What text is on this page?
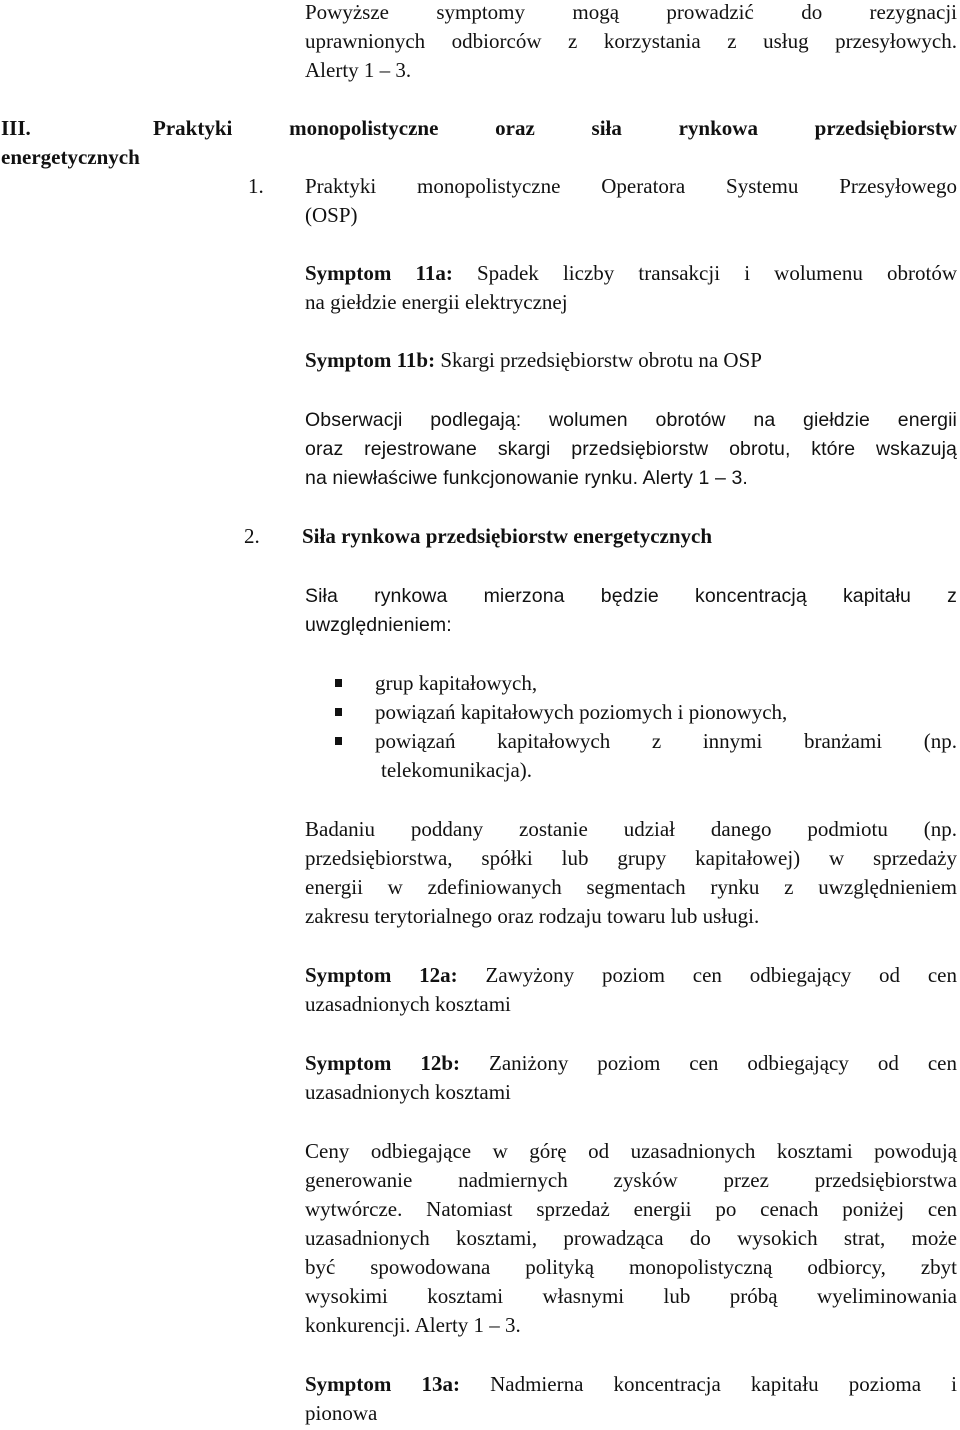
Powyższe symptomy mogą prowadzić do rezygnacji
uprawnionych odbiorców z korzystania z usług przesyłowych.
Alerty 1 – 3.
III.	Praktyki monopolistyczne oraz siła rynkowa przedsiębiorstw
energetycznych
1.	Praktyki monopolistyczne Operatora Systemu Przesyłowego
(OSP)
Symptom 11a: Spadek liczby transakcji i wolumenu obrotów
na giełdzie energii elektrycznej
Symptom 11b: Skargi przedsiębiorstw obrotu na OSP
Obserwacji podlegają: wolumen obrotów na giełdzie energii
oraz rejestrowane skargi przedsiębiorstw obrotu, które wskazują
na niewłaściwe funkcjonowanie rynku. Alerty 1 – 3.
2.	Siła rynkowa przedsiębiorstw energetycznych
Siła rynkowa mierzona będzie koncentracją kapitału z
uwzględnieniem:
grup kapitałowych,
powiązań kapitałowych poziomych i pionowych,
powiązań kapitałowych z innymi branżami (np.
telekomunikacja).
Badaniu poddany zostanie udział danego podmiotu (np.
przedsiębiorstwa, spółki lub grupy kapitałowej) w sprzedaży
energii w zdefiniowanych segmentach rynku z uwzględnieniem
zakresu terytorialnego oraz rodzaju towaru lub usługi.
Symptom 12a: Zawyżony poziom cen odbiegający od cen
uzasadnionych kosztami
Symptom 12b: Zaniżony poziom cen odbiegający od cen
uzasadnionych kosztami
Ceny odbiegające w górę od uzasadnionych kosztami powodują
generowanie nadmiernych zysków przez przedsiębiorstwa
wytwórcze. Natomiast sprzedaż energii po cenach poniżej cen
uzasadnionych kosztami, prowadząca do wysokich strat, może
być spowodowana polityką monopolistyczną odbiorcy, zbyt
wysokimi kosztami własnymi lub próbą wyeliminowania
konkurencji. Alerty 1 – 3.
Symptom 13a: Nadmierna koncentracja kapitału pozioma i
pionowa
